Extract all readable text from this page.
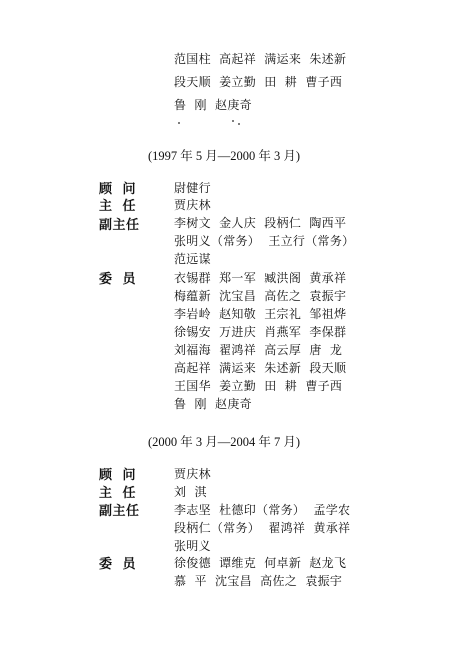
范国柱  高起祥  满运来  朱述新
段天顺  姜立勤  田  耕  曹子西
鲁  刚  赵庚奇
(1997 年 5 月—2000 年 3 月)
顾  问	尉健行
主  任	贾庆林
副主任	李树文  金人庆  段柄仁  陶西平
张明义（常务）  王立行（常务）
范远谋
委  员	衣锡群  郑一军  臧洪阁  黄承祥
梅蕴新  沈宝昌  高佐之  袁振宇
李岩岭  赵知敬  王宗礼  邹祖烨
徐锡安  万进庆  肖燕军  李保群
刘福海  翟鸿祥  高云厚  唐  龙
高起祥  满运来  朱述新  段天顺
王国华  姜立勤  田  耕  曹子西
鲁  刚  赵庚奇
(2000 年 3 月—2004 年 7 月)
顾  问	贾庆林
主  任	刘  淇
副主任	李志坚  杜德印（常务）  孟学农
段柄仁（常务）  翟鸿祥  黄承祥
张明义
委  员	徐俊德  谭维克  何卓新  赵龙飞
慕  平  沈宝昌  高佐之  袁振宇
